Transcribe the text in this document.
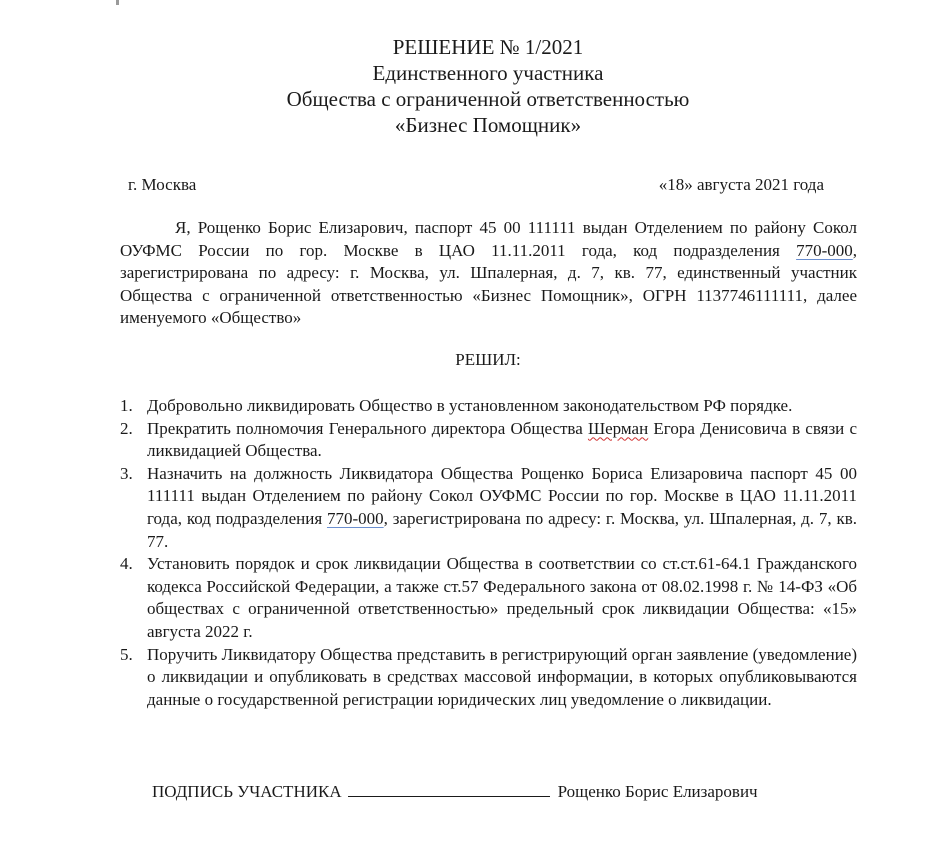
РЕШЕНИЕ № 1/2021
Единственного участника
Общества с ограниченной ответственностью
«Бизнес Помощник»
г. Москва	«18» августа 2021 года
Я, Рощенко Борис Елизарович, паспорт 45 00 111111 выдан Отделением по району Сокол ОУФМС России по гор. Москве в ЦАО 11.11.2011 года, код подразделения 770-000, зарегистрирована по адресу: г. Москва, ул. Шпалерная, д. 7, кв. 77, единственный участник Общества с ограниченной ответственностью «Бизнес Помощник», ОГРН 1137746111111, далее именуемого «Общество»
РЕШИЛ:
1. Добровольно ликвидировать Общество в установленном законодательством РФ порядке.
2. Прекратить полномочия Генерального директора Общества Шерман Егора Денисовича в связи с ликвидацией Общества.
3. Назначить на должность Ликвидатора Общества Рощенко Бориса Елизаровича паспорт 45 00 111111 выдан Отделением по району Сокол ОУФМС России по гор. Москве в ЦАО 11.11.2011 года, код подразделения 770-000, зарегистрирована по адресу: г. Москва, ул. Шпалерная, д. 7, кв. 77.
4. Установить порядок и срок ликвидации Общества в соответствии со ст.ст.61-64.1 Гражданского кодекса Российской Федерации, а также ст.57 Федерального закона от 08.02.1998 г. № 14-ФЗ «Об обществах с ограниченной ответственностью» предельный срок ликвидации Общества: «15» августа 2022 г.
5. Поручить Ликвидатору Общества представить в регистрирующий орган заявление (уведомление) о ликвидации и опубликовать в средствах массовой информации, в которых опубликовываются данные о государственной регистрации юридических лиц уведомление о ликвидации.
ПОДПИСЬ УЧАСТНИКА	Рощенко Борис Елизарович
